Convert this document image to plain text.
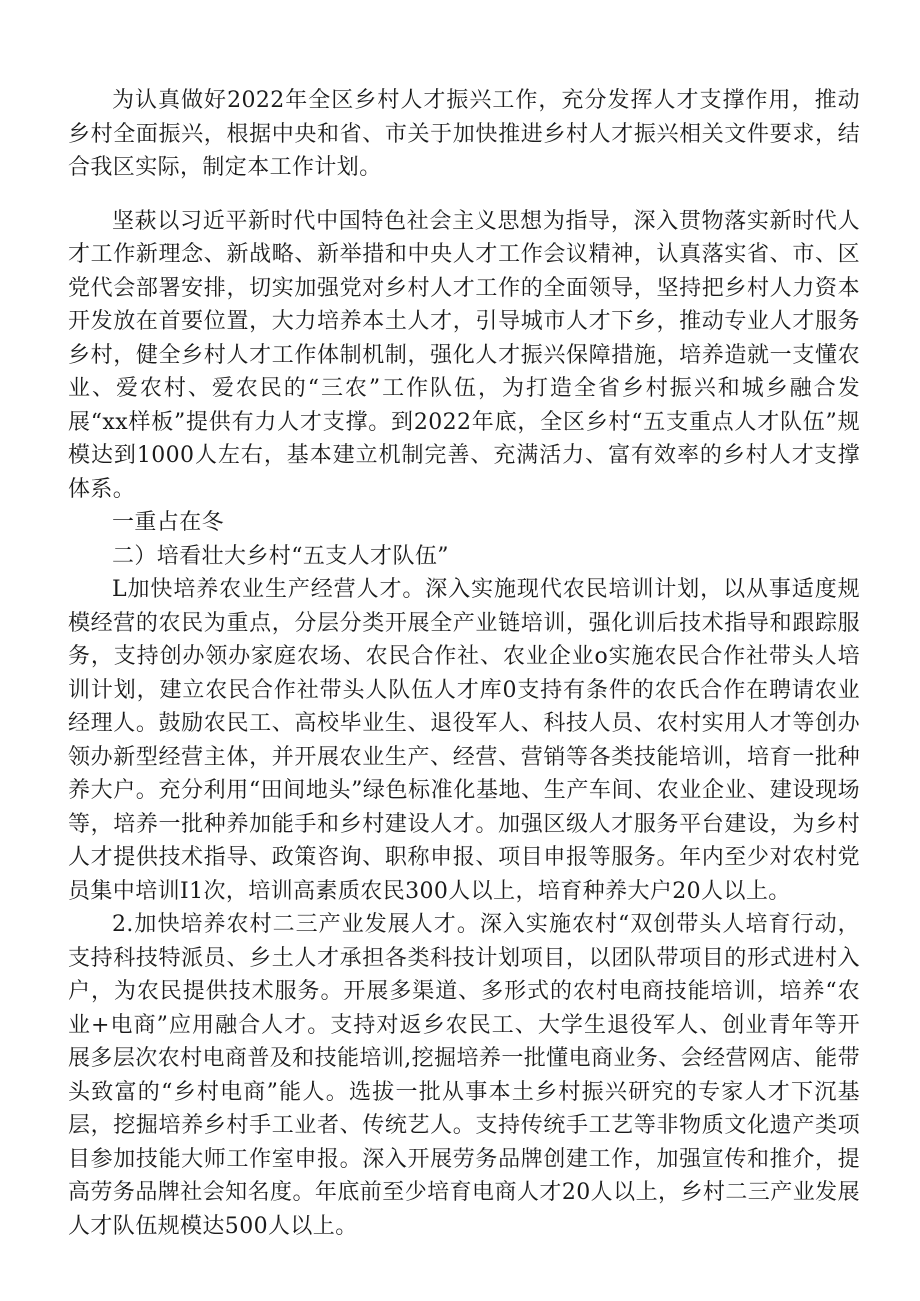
为认真做好2022年全区乡村人才振兴工作，充分发挥人才支撑作用，推动乡村全面振兴，根据中央和省、市关于加快推进乡村人才振兴相关文件要求，结合我区实际，制定本工作计划。

坚萩以习近平新时代中国特色社会主义思想为指导，深入贯物落实新时代人才工作新理念、新战略、新举措和中央人才工作会议精神，认真落实省、市、区党代会部署安排，切实加强党对乡村人才工作的全面领导，坚持把乡村人力资本开发放在首要位置，大力培养本土人才，引导城市人才下乡，推动专业人才服务乡村，健全乡村人才工作体制机制，强化人才振兴保障措施，培养造就一支懂农业、爱农村、爱农民的“三农”工作队伍，为打造全省乡村振兴和城乡融合发展“xx样板”提供有力人才支撑。到2022年底，全区乡村“五支重点人才队伍”规模达到1000人左右，基本建立机制完善、充满活力、富有效率的乡村人才支撑体系。

一重占在冬

二）培看壮大乡村“五支人才队伍”

L加快培养农业生产经营人才。深入实施现代农民培训计划，以从事适度规模经营的农民为重点，分层分类开展全产业链培训，强化训后技术指导和跟踪服务，支持创办领办家庭农场、农民合作社、农业企业o实施农民合作社带头人培训计划，建立农民合作社带头人队伍人才库0支持有条件的农氏合作在聘请农业经理人。鼓励农民工、高校毕业生、退役军人、科技人员、农村实用人才等创办领办新型经营主体，并开展农业生产、经营、营销等各类技能培训，培育一批种养大户。充分利用“田间地头”绿色标准化基地、生产车间、农业企业、建设现场等，培养一批种养加能手和乡村建设人才。加强区级人才服务平台建设，为乡村人才提供技术指导、政策咨询、职称申报、项目申报等服务。年内至少对农村党员集中培训I1次，培训高素质农民300人以上，培育种养大户20人以上。

2.加快培养农村二三产业发展人才。深入实施农村“双创带头人培育行动，支持科技特派员、乡土人才承担各类科技计划项目，以团队带项目的形式进村入户，为农民提供技术服务。开展多渠道、多形式的农村电商技能培训，培养“农业+电商”应用融合人才。支持对返乡农民工、大学生退役军人、创业青年等开展多层次农村电商普及和技能培训,挖掘培养一批懂电商业务、会经营网店、能带头致富的“乡村电商”能人。选拔一批从事本土乡村振兴研究的专家人才下沉基层，挖掘培养乡村手工业者、传统艺人。支持传统手工艺等非物质文化遗产类项目参加技能大师工作室申报。深入开展劳务品牌创建工作，加强宣传和推介，提高劳务品牌社会知名度。年底前至少培育电商人才20人以上，乡村二三产业发展人才队伍规模达500人以上。
